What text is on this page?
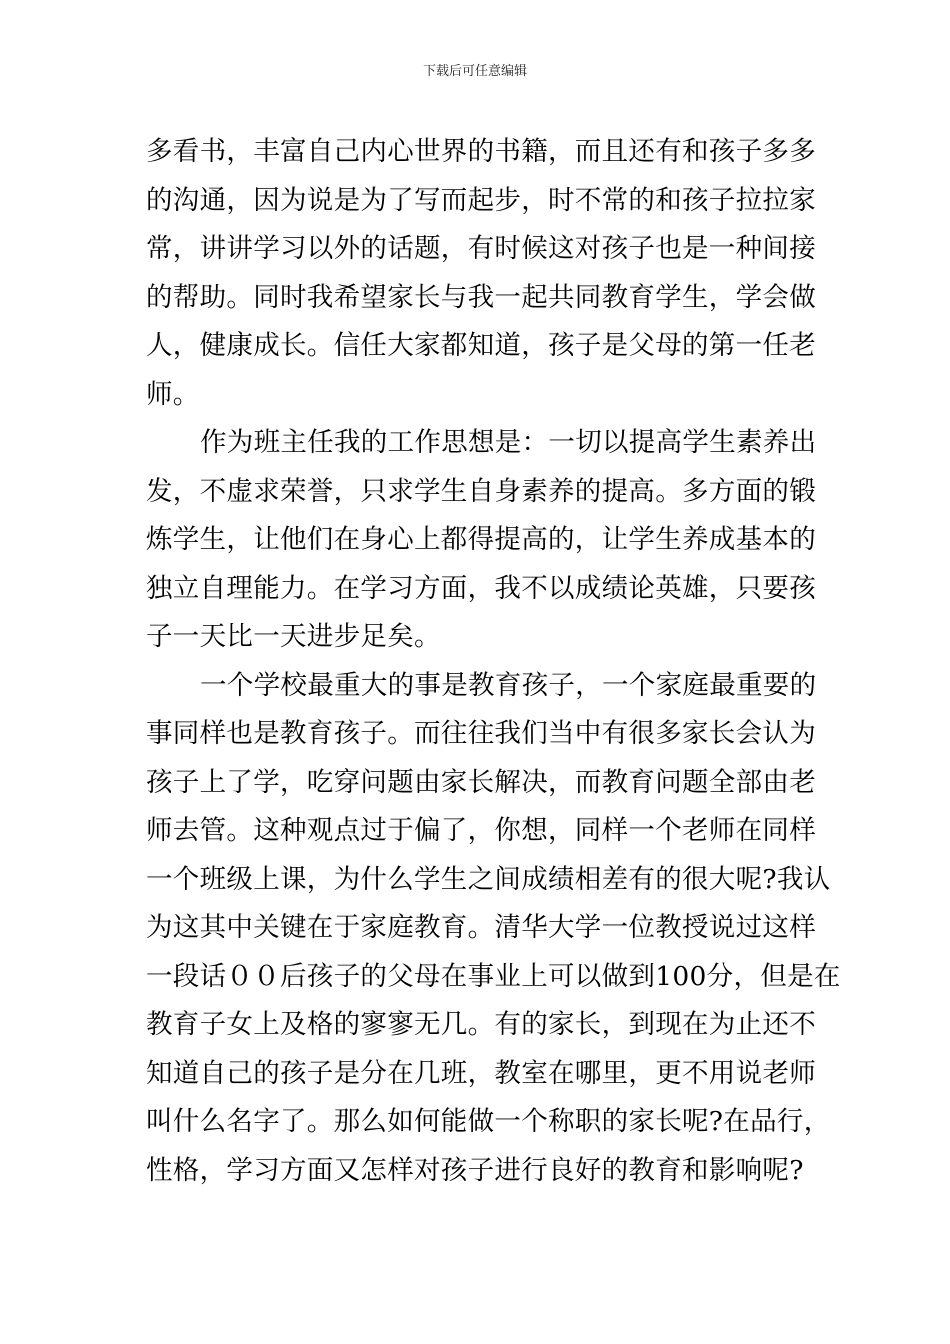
下载后可任意编辑
多看书，丰富自己内心世界的书籍，而且还有和孩子多多
的沟通，因为说是为了写而起步，时不常的和孩子拉拉家
常，讲讲学习以外的话题，有时候这对孩子也是一种间接
的帮助。同时我希望家长与我一起共同教育学生，学会做
人，健康成长。信任大家都知道，孩子是父母的第一任老
师。
作为班主任我的工作思想是：一切以提高学生素养出
发，不虚求荣誉，只求学生自身素养的提高。多方面的锻
炼学生，让他们在身心上都得提高的，让学生养成基本的
独立自理能力。在学习方面，我不以成绩论英雄，只要孩
子一天比一天进步足矣。
一个学校最重大的事是教育孩子，一个家庭最重要的
事同样也是教育孩子。而往往我们当中有很多家长会认为
孩子上了学，吃穿问题由家长解决，而教育问题全部由老
师去管。这种观点过于偏了，你想，同样一个老师在同样
一个班级上课，为什么学生之间成绩相差有的很大呢?我认
为这其中关键在于家庭教育。清华大学一位教授说过这样
一段话００后孩子的父母在事业上可以做到100分，但是在
教育子女上及格的寥寥无几。有的家长，到现在为止还不
知道自己的孩子是分在几班，教室在哪里，更不用说老师
叫什么名字了。那么如何能做一个称职的家长呢?在品行，
性格，学习方面又怎样对孩子进行良好的教育和影响呢?
